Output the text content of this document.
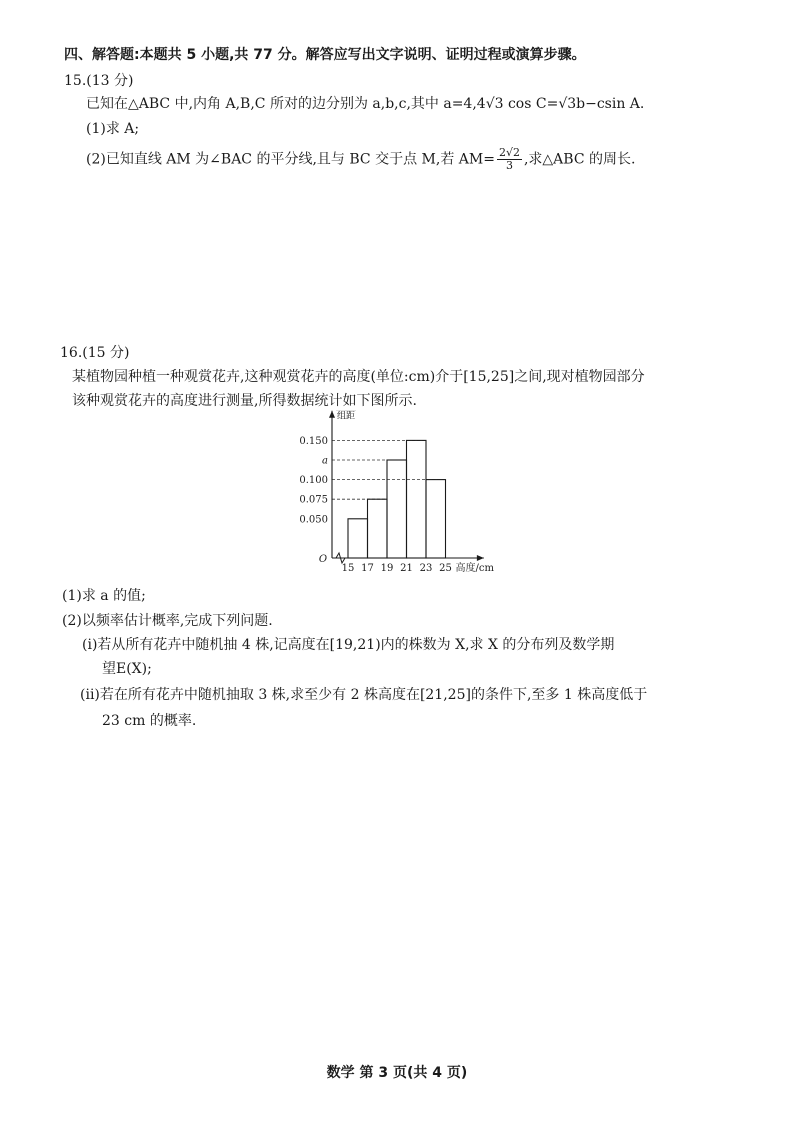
四、解答题:本题共 5 小题,共 77 分。解答应写出文字说明、证明过程或演算步骤。
15.(13 分)
已知在△ABC 中,内角 A,B,C 所对的边分别为 a,b,c,其中 a=4,4√3 cos C=√3b−csin A.
(1)求 A;
(2)已知直线 AM 为∠BAC 的平分线,且与 BC 交于点 M,若 $AM= \frac{2√2}{3}$ ,求△ABC 的周长.
16.(15 分)
某植物园种植一种观赏花卉,这种观赏花卉的高度(单位:cm)介于[15,25]之间,现对植物园部分
该种观赏花卉的高度进行测量,所得数据统计如下图所示.
15 17 19 21 23 25
0.050
0.075
0.100
a
0.150
O
组距
高度/cm
(1)求 a 的值;
(2)以频率估计概率,完成下列问题.
(i)若从所有花卉中随机抽 4 株,记高度在[19,21)内的株数为 X,求 X 的分布列及数学期
望E(X);
(ii)若在所有花卉中随机抽取 3 株,求至少有 2 株高度在[21,25]的条件下,至多 1 株高度低于
23 cm 的概率.
数学 第 3 页(共 4 页)
